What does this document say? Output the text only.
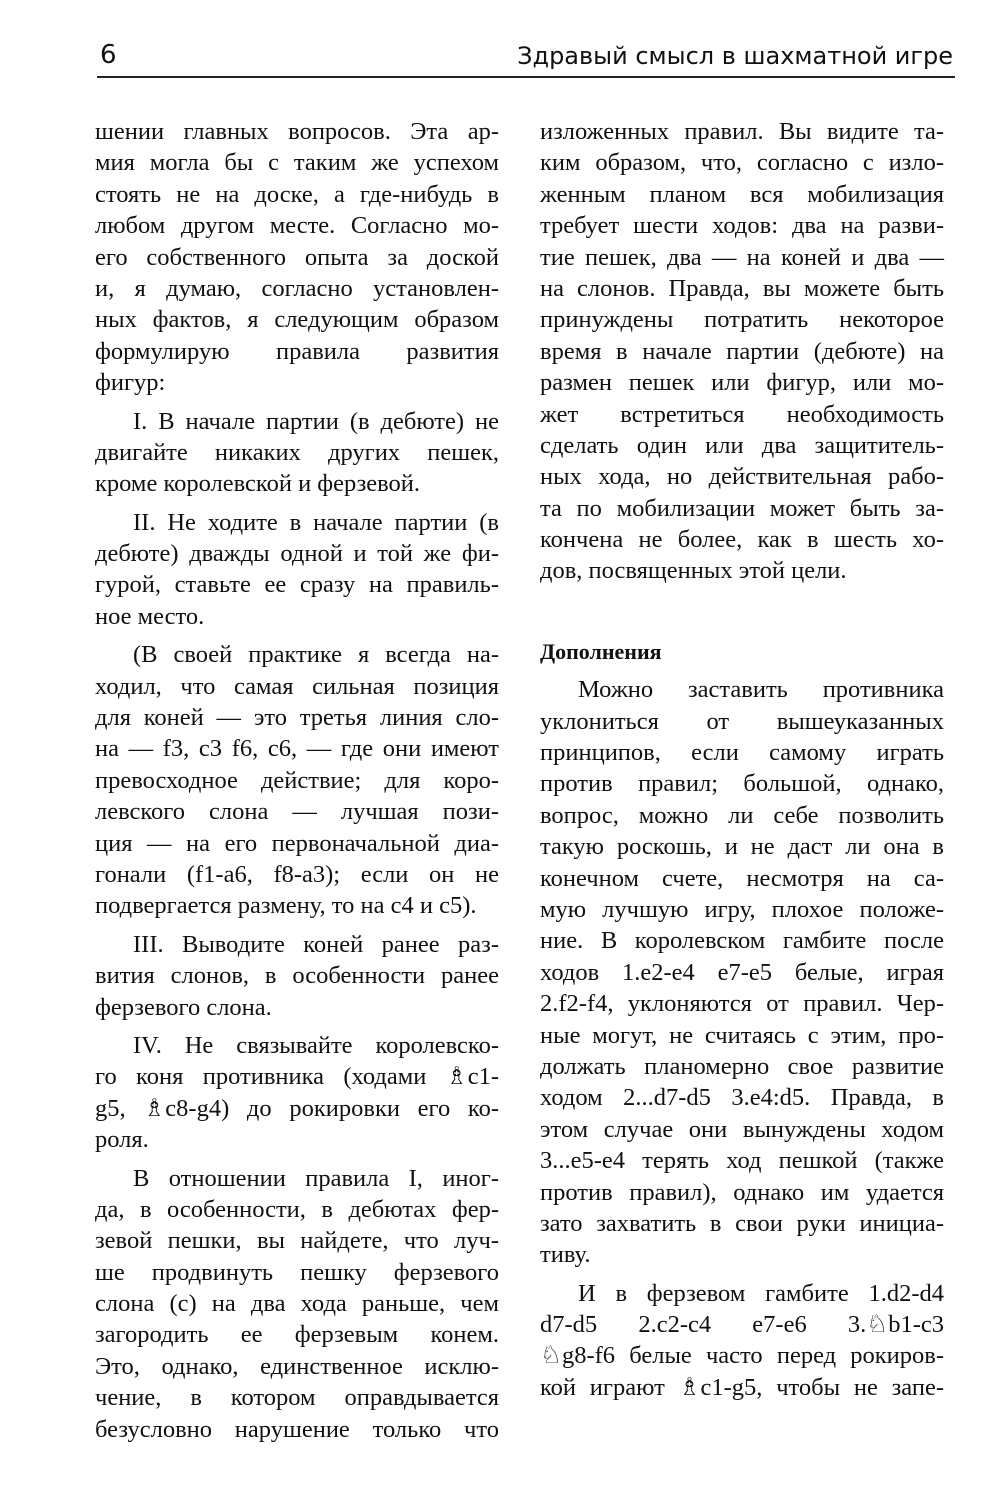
6	Здравый смысл в шахматной игре
шении главных вопросов. Эта ар-
мия могла бы с таким же успехом
стоять не на доске, а где-нибудь в
любом другом месте. Согласно мо-
его собственного опыта за доской
и, я думаю, согласно установлен-
ных фактов, я следующим образом
формулирую правила развития
фигур:
I. В начале партии (в дебюте) не
двигайте никаких других пешек,
кроме королевской и ферзевой.
II. Не ходите в начале партии (в
дебюте) дважды одной и той же фи-
гурой, ставьте ее сразу на правиль-
ное место.
(В своей практике я всегда на-
ходил, что самая сильная позиция
для коней — это третья линия сло-
на — f3, c3 f6, c6, — где они имеют
превосходное действие; для коро-
левского слона — лучшая пози-
ция — на его первоначальной диа-
гонали (f1-a6, f8-a3); если он не
подвергается размену, то на с4 и с5).
III. Выводите коней ранее раз-
вития слонов, в особенности ранее
ферзевого слона.
IV. Не связывайте королевско-
го коня противника (ходами ♗c1-
g5, ♗c8-g4) до рокировки его ко-
роля.
В отношении правила I, иног-
да, в особенности, в дебютах фер-
зевой пешки, вы найдете, что луч-
ше продвинуть пешку ферзевого
слона (с) на два хода раньше, чем
загородить ее ферзевым конем.
Это, однако, единственное исклю-
чение, в котором оправдывается
безусловно нарушение только что
изложенных правил. Вы видите та-
ким образом, что, согласно с изло-
женным планом вся мобилизация
требует шести ходов: два на разви-
тие пешек, два — на коней и два —
на слонов. Правда, вы можете быть
принуждены потратить некоторое
время в начале партии (дебюте) на
размен пешек или фигур, или мо-
жет встретиться необходимость
сделать один или два защититель-
ных хода, но действительная рабо-
та по мобилизации может быть за-
кончена не более, как в шесть хо-
дов, посвященных этой цели.
Дополнения
Можно заставить противника
уклониться от вышеуказанных
принципов, если самому играть
против правил; большой, однако,
вопрос, можно ли себе позволить
такую роскошь, и не даст ли она в
конечном счете, несмотря на са-
мую лучшую игру, плохое положе-
ние. В королевском гамбите после
ходов 1.e2-e4 e7-e5 белые, играя
2.f2-f4, уклоняются от правил. Чер-
ные могут, не считаясь с этим, про-
должать планомерно свое развитие
ходом 2...d7-d5 3.e4:d5. Правда, в
этом случае они вынуждены ходом
3...e5-e4 терять ход пешкой (также
против правил), однако им удается
зато захватить в свои руки инициа-
тиву.
И в ферзевом гамбите 1.d2-d4
d7-d5 2.c2-c4 e7-e6 3.♘b1-c3
♘g8-f6 белые часто перед рокиров-
кой играют ♗c1-g5, чтобы не запе-
